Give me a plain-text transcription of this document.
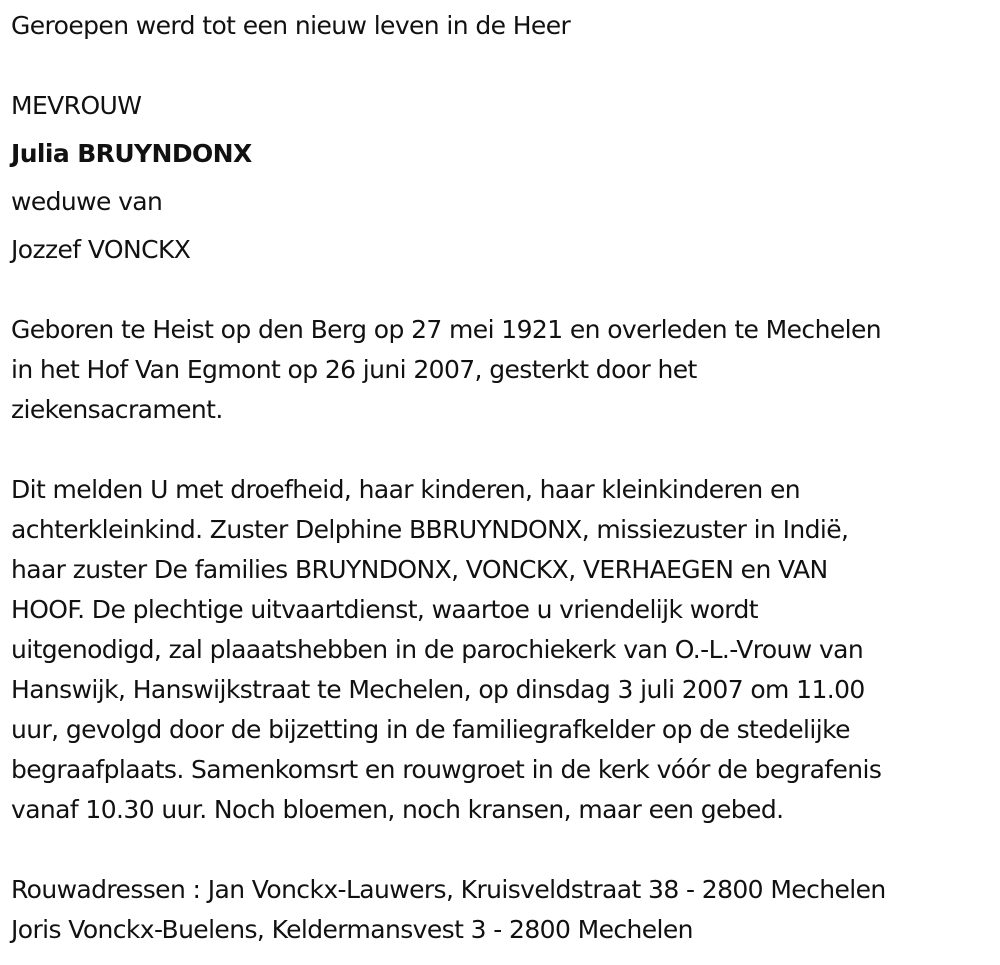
Geroepen werd tot een nieuw leven in de Heer
MEVROUW
Julia BRUYNDONX
weduwe van
Jozzef VONCKX
Geboren te Heist op den Berg op 27 mei 1921 en overleden te Mechelen
in het Hof Van Egmont op 26 juni 2007, gesterkt door het
ziekensacrament.
Dit melden U met droefheid, haar kinderen, haar kleinkinderen en
achterkleinkind. Zuster Delphine BBRUYNDONX, missiezuster in Indië,
haar zuster De families BRUYNDONX, VONCKX, VERHAEGEN en VAN
HOOF. De plechtige uitvaartdienst, waartoe u vriendelijk wordt
uitgenodigd, zal plaaatshebben in de parochiekerk van O.-L.-Vrouw van
Hanswijk, Hanswijkstraat te Mechelen, op dinsdag 3 juli 2007 om 11.00
uur, gevolgd door de bijzetting in de familiegrafkelder op de stedelijke
begraafplaats. Samenkomsrt en rouwgroet in de kerk vóór de begrafenis
vanaf 10.30 uur. Noch bloemen, noch kransen, maar een gebed.
Rouwadressen : Jan Vonckx-Lauwers, Kruisveldstraat 38 - 2800 Mechelen
Joris Vonckx-Buelens, Keldermansvest 3 - 2800 Mechelen
